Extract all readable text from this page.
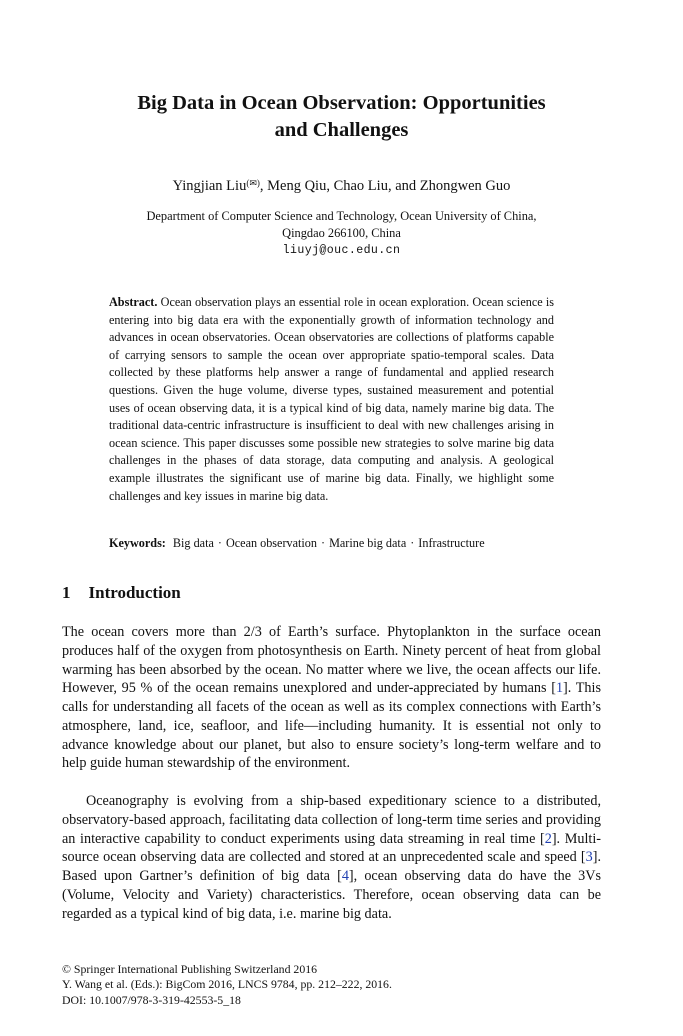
Big Data in Ocean Observation: Opportunities
and Challenges

Yingjian Liu(✉), Meng Qiu, Chao Liu, and Zhongwen Guo

Department of Computer Science and Technology, Ocean University of China,
Qingdao 266100, China
liuyj@ouc.edu.cn

Abstract. Ocean observation plays an essential role in ocean exploration. Ocean science is entering into big data era with the exponentially growth of information technology and advances in ocean observatories. Ocean observatories are collections of platforms capable of carrying sensors to sample the ocean over appropriate spatio-temporal scales. Data collected by these platforms help answer a range of fundamental and applied research questions. Given the huge volume, diverse types, sustained measurement and potential uses of ocean observing data, it is a typical kind of big data, namely marine big data. The traditional data-centric infrastructure is insufficient to deal with new challenges arising in ocean science. This paper discusses some possible new strategies to solve marine big data challenges in the phases of data storage, data computing and analysis. A geological example illustrates the significant use of marine big data. Finally, we highlight some challenges and key issues in marine big data.

Keywords: Big data · Ocean observation · Marine big data · Infrastructure

1 Introduction

The ocean covers more than 2/3 of Earth’s surface. Phytoplankton in the surface ocean produces half of the oxygen from photosynthesis on Earth. Ninety percent of heat from global warming has been absorbed by the ocean. No matter where we live, the ocean affects our life. However, 95 % of the ocean remains unexplored and under-appreciated by humans [1]. This calls for understanding all facets of the ocean as well as its complex connections with Earth’s atmosphere, land, ice, seafloor, and life—including humanity. It is essential not only to advance knowledge about our planet, but also to ensure society’s long-term welfare and to help guide human stewardship of the environment.

Oceanography is evolving from a ship-based expeditionary science to a distributed, observatory-based approach, facilitating data collection of long-term time series and providing an interactive capability to conduct experiments using data streaming in real time [2]. Multi-source ocean observing data are collected and stored at an unprecedented scale and speed [3]. Based upon Gartner’s definition of big data [4], ocean observing data do have the 3Vs (Volume, Velocity and Variety) characteristics. Therefore, ocean observing data can be regarded as a typical kind of big data, i.e. marine big data.

© Springer International Publishing Switzerland 2016
Y. Wang et al. (Eds.): BigCom 2016, LNCS 9784, pp. 212–222, 2016.
DOI: 10.1007/978-3-319-42553-5_18
